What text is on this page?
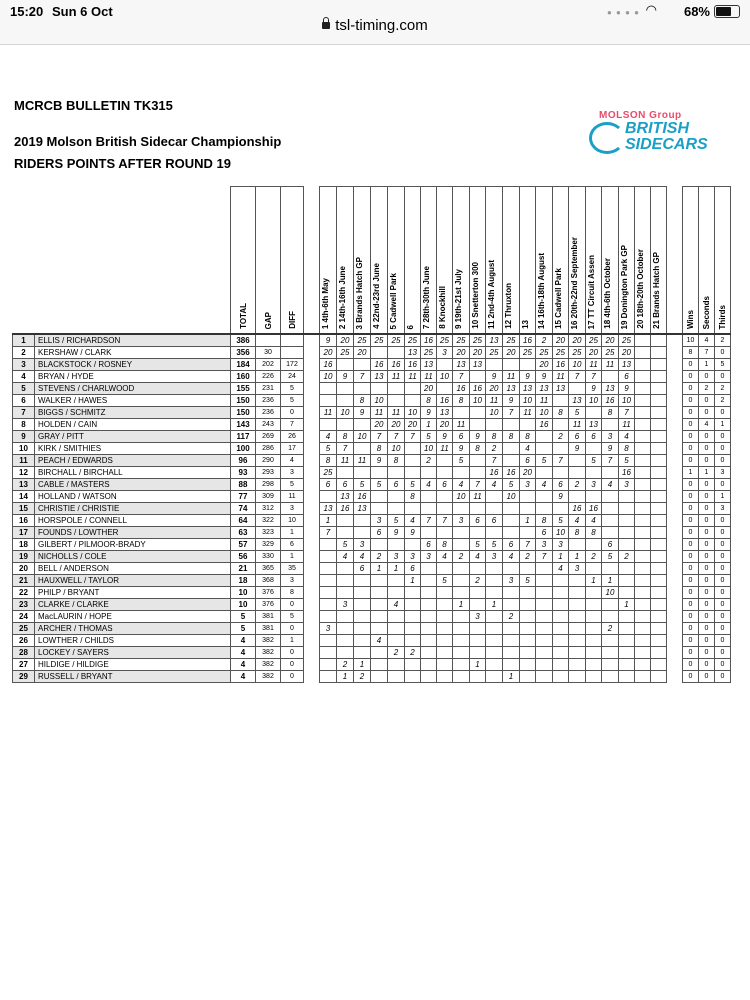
15:20 Sun 6 Oct	● ● ● ● ◠ 68%
tsl-timing.com
MCRCB BULLETIN TK315
2019 Molson British Sidecar Championship
RIDERS POINTS AFTER ROUND 19
MOLSON Group
BRITISH
SIDECARS
		TOTAL	GAP	DIFF		1 4th-6th May	2 14th-16th June	3 Brands Hatch GP	4 22nd-23rd June	5 Cadwell Park	6	7 28th-30th June	8 Knockhill	9 19th-21st July	10 Snetterton 300	11 2nd-4th August	12 Thruxton	13	14 16th-18th August	15 Cadwell Park	16 20th-22nd September	17 TT Circuit Assen	18 4th-6th October	19 Donington Park GP	20 18th-20th October	21 Brands Hatch GP		Wins	Seconds	Thirds
1	ELLIS / RICHARDSON	386				9	20	25	25	25	25	16	25	25	25	13	25	16	2	20	20	25	20	25				10	4	2
2	KERSHAW / CLARK	356	30			20	25	20			13	25	3	20	20	25	20	25	25	25	25	20	25	20				8	7	0
3	BLACKSTOCK / ROSNEY	184	202	172		16			16	16	16	13		13	13				20	16	10	11	11	13				0	1	5
4	BRYAN / HYDE	160	226	24		10	9	7	13	11	11	11	10	7		9	11	9	9	11	7	7		6				0	0	0
5	STEVENS / CHARLWOOD	155	231	5								20		16	16	20	13	13	13	13		9	13	9				0	2	2
6	WALKER / HAWES	150	236	5				8	10			8	16	8	10	11	9	10	11		13	10	16	10				0	0	2
7	BIGGS / SCHMITZ	150	236	0		11	10	9	11	11	10	9	13			10	7	11	10	8	5		8	7				0	0	0
8	HOLDEN / CAIN	143	243	7					20	20	20	1	20	11					16		11	13		11				0	4	1
9	GRAY / PITT	117	269	26		4	8	10	7	7	7	5	9	6	9	8	8	8		2	6	6	3	4				0	0	0
10	KIRK / SMITHIES	100	286	17		5	7		8	10		10	11	9	8	2		4			9		9	8				0	0	0
11	PEACH / EDWARDS	96	290	4		8	11	11	9	8		2		5		7		6	5	7		5	7	5				0	0	0
12	BIRCHALL / BIRCHALL	93	293	3		25										16	16	20						16				1	1	3
13	CABLE / MASTERS	88	298	5		6	6	5	5	6	5	4	6	4	7	4	5	3	4	6	2	3	4	3				0	0	0
14	HOLLAND / WATSON	77	309	11			13	16			8			10	11		10			9								0	0	1
15	CHRISTIE / CHRISTIE	74	312	3		13	16	13													16	16						0	0	3
16	HORSPOLE / CONNELL	64	322	10		1			3	5	4	7	7	3	6	6		1	8	5	4	4						0	0	0
17	FOUNDS / LOWTHER	63	323	1		7			6	9	9								6	10	8	8						0	0	0
18	GILBERT / PILMOOR-BRADY	57	329	6			5	3				6	8		5	5	6	7	3	3			6					0	0	0
19	NICHOLLS / COLE	56	330	1			4	4	2	3	3	3	4	2	4	3	4	2	7	1	1	2	5	2				0	0	0
20	BELL / ANDERSON	21	365	35				6	1	1	6									4	3							0	0	0
21	HAUXWELL / TAYLOR	18	368	3							1		5		2		3	5				1	1					0	0	0
22	PHILP / BRYANT	10	376	8																			10					0	0	0
23	CLARKE / CLARKE	10	376	0			3			4				1		1								1				0	0	0
24	MacLAURIN / HOPE	5	381	5											3		2											0	0	0
25	ARCHER / THOMAS	5	381	0		3																	2					0	0	0
26	LOWTHER / CHILDS	4	382	1					4																			0	0	0
28	LOCKEY / SAYERS	4	382	0						2	2																	0	0	0
27	HILDIGE / HILDIGE	4	382	0			2	1							1													0	0	0
29	RUSSELL / BRYANT	4	382	0			1	2									1											0	0	0
